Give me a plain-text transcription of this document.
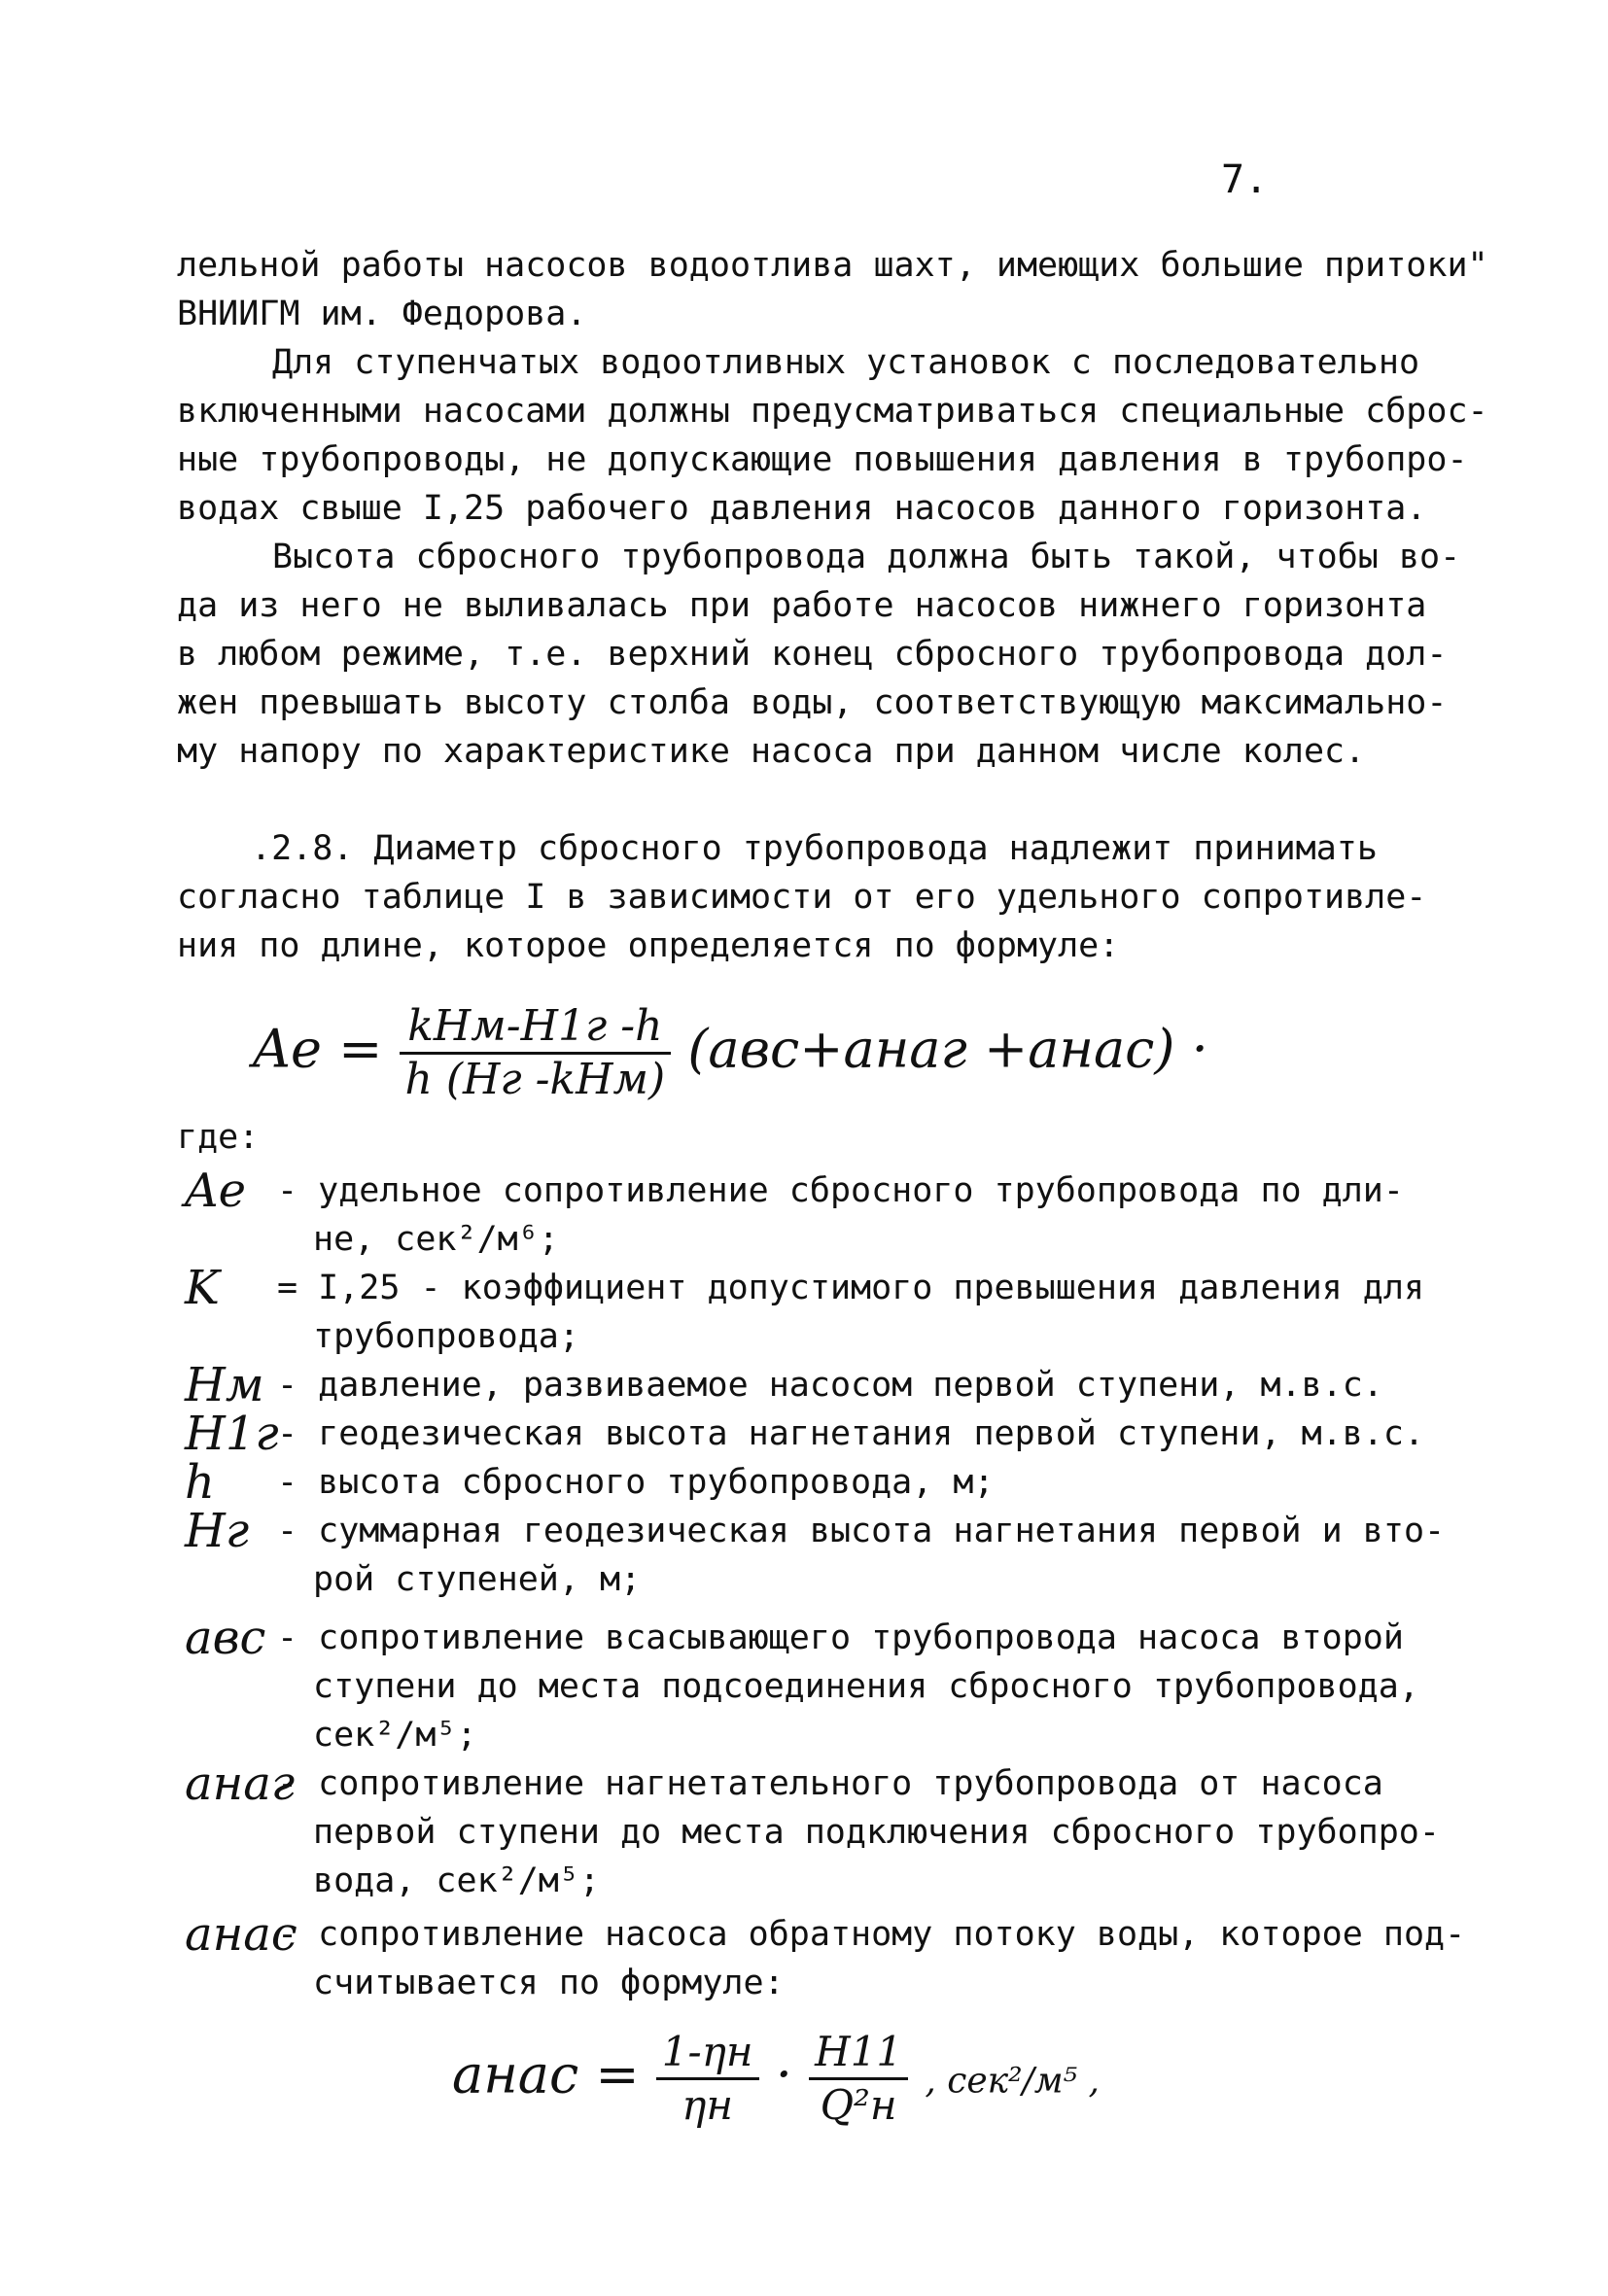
7.
лельной работы насосов водоотлива шахт, имеющих большие притоки"
ВНИИГМ им. Федорова.
Для ступенчатых водоотливных установок с последовательно
включенными насосами должны предусматриваться специальные сброс-
ные трубопроводы, не допускающие повышения давления в трубопро-
водах свыше I,25 рабочего давления насосов данного горизонта.
Высота сбросного трубопровода должна быть такой, чтобы во-
да из него не выливалась при работе насосов нижнего горизонта
в любом режиме, т.е. верхний конец сбросного трубопровода дол-
жен превышать высоту столба воды, соответствующую максимально-
му напору по характеристике насоса при данном числе колес.
.2.8. Диаметр сбросного трубопровода надлежит принимать
согласно таблице I в зависимости от его удельного сопротивле-
ния по длине, которое определяется по формуле:
$Ae = \frac{\text{kHм-H1г -h}}{\text{h (Hг -kHм)}}$ (aвс+aнаг +aнас) ·
где:
Ae - удельное сопротивление сбросного трубопровода по дли-
не, сек²/м⁶;
K	= I,25 - коэффициент допустимого превышения давления для
трубопровода;
Hм - давление, развиваемое насосом первой ступени, м.в.с.
H1г
- геодезическая высота нагнетания первой ступени, м.в.с.
h	- высота сбросного трубопровода, м;
Hг - суммарная геодезическая высота нагнетания первой и вто-
рой ступеней, м;
aвс - сопротивление всасывающего трубопровода насоса второй
ступени до места подсоединения сбросного трубопровода,
сек²/м⁵;
aнаг
- сопротивление нагнетательного трубопровода от насоса
первой ступени до места подключения сбросного трубопро-
вода, сек²/м⁵;
aнас
- сопротивление насоса обратному потоку воды, которое под-
считывается по формуле:
aнас = $\frac{1-\eta н}{\eta н} \cdot \frac{H11}{\text{Q²н}}$ , сек²/м⁵ ,
